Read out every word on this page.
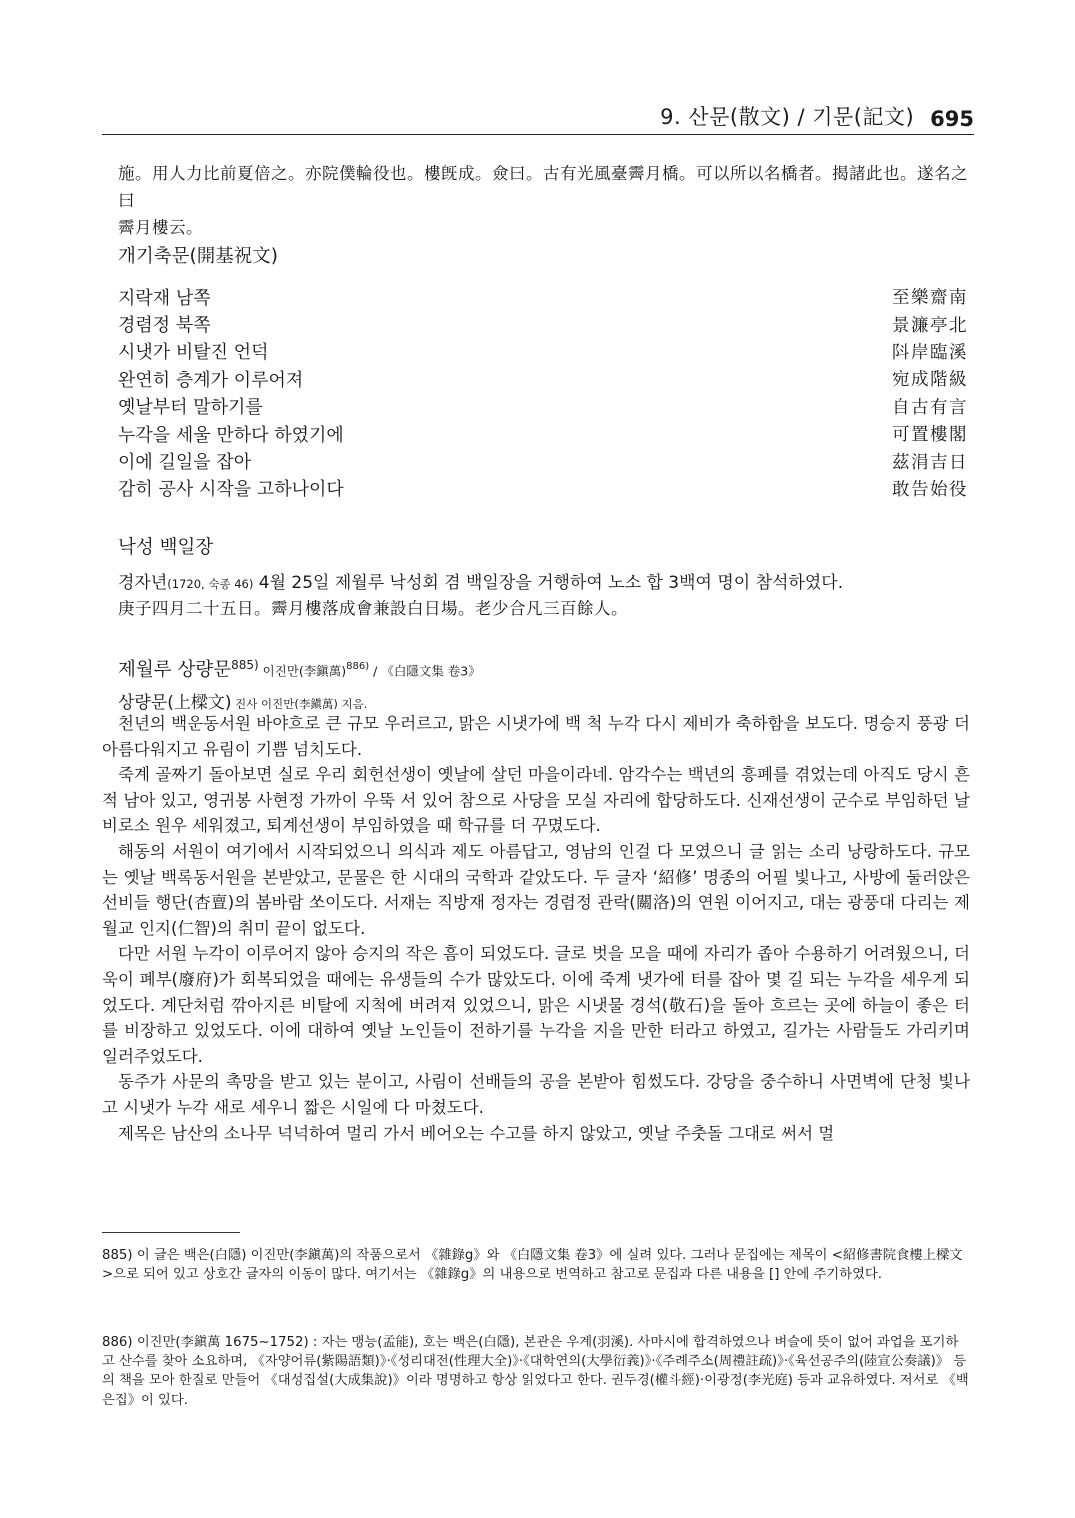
9. 산문(散文) / 기문(記文) 695
施。用人力比前夏倍之。亦院僕輪役也。樓旣成。僉曰。古有光風臺霽月橋。可以所以名橋者。揭諸此也。遂名之曰
霽月樓云。
개기축문(開基祝文)
지락재 남쪽	至樂齋南
경렴정 북쪽	景濂亭北
시냇가 비탈진 언덕	阧岸臨溪
완연히 층계가 이루어져	宛成階級
옛날부터 말하기를	自古有言
누각을 세울 만하다 하였기에	可置樓閣
이에 길일을 잡아	茲涓吉日
감히 공사 시작을 고하나이다	敢告始役
낙성 백일장
경자년(1720, 숙종 46) 4월 25일 제월루 낙성회 겸 백일장을 거행하여 노소 합 3백여 명이 참석하였다.
庚子四月二十五日。霽月樓落成會兼設白日場。老少合凡三百餘人。
제월루 상량문$^{885)}$ 이진만(李鎭萬)$^{886)}$ / 《白隱文集 卷3》
상량문(上樑文) 진사 이진만(李鎭萬) 지음.

천년의 백운동서원 바야흐로 큰 규모 우러르고, 맑은 시냇가에 백 척 누각 다시 제비가 축하함을 보도다. 명승지 풍광 더 아름다워지고 유림이 기쁨 넘치도다.

죽계 골짜기 돌아보면 실로 우리 회헌선생이 옛날에 살던 마을이라네. 암각수는 백년의 흥폐를 겪었는데 아직도 당시 흔적 남아 있고, 영귀봉 사현정 가까이 우뚝 서 있어 참으로 사당을 모실 자리에 합당하도다. 신재선생이 군수로 부임하던 날 비로소 원우 세워졌고, 퇴계선생이 부임하였을 때 학규를 더 꾸몄도다.

해동의 서원이 여기에서 시작되었으니 의식과 제도 아름답고, 영남의 인걸 다 모였으니 글 읽는 소리 낭랑하도다. 규모는 옛날 백록동서원을 본받았고, 문물은 한 시대의 국학과 같았도다. 두 글자 ‘紹修’ 명종의 어필 빛나고, 사방에 둘러앉은 선비들 행단(杏亶)의 봄바람 쏘이도다. 서재는 직방재 정자는 경렴정 관락(關洛)의 연원 이어지고, 대는 광풍대 다리는 제월교 인지(仁智)의 취미 끝이 없도다.

다만 서원 누각이 이루어지 않아 승지의 작은 흠이 되었도다. 글로 벗을 모을 때에 자리가 좁아 수용하기 어려웠으니, 더욱이 폐부(廢府)가 회복되었을 때에는 유생들의 수가 많았도다. 이에 죽계 냇가에 터를 잡아 몇 길 되는 누각을 세우게 되었도다. 계단처럼 깎아지른 비탈에 지척에 버려져 있었으니, 맑은 시냇물 경석(敬石)을 돌아 흐르는 곳에 하늘이 좋은 터를 비장하고 있었도다. 이에 대하여 옛날 노인들이 전하기를 누각을 지을 만한 터라고 하였고, 길가는 사람들도 가리키며 일러주었도다.

동주가 사문의 촉망을 받고 있는 분이고, 사림이 선배들의 공을 본받아 힘썼도다. 강당을 중수하니 사면벽에 단청 빛나고 시냇가 누각 새로 세우니 짧은 시일에 다 마쳤도다.

제목은 남산의 소나무 넉넉하여 멀리 가서 베어오는 수고를 하지 않았고, 옛날 주춧돌 그대로 써서 멀

885) 이 글은 백은(白隱) 이진만(李鎭萬)의 작품으로서 《雜錄g》와 《白隱文集 卷3》에 실려 있다. 그러나 문집에는 제목이 <紹修書院食樓上樑文>으로 되어 있고 상호간 글자의 이동이 많다. 여기서는 《雜錄g》의 내용으로 번역하고 참고로 문집과 다른 내용을 [] 안에 주기하였다.
886) 이진만(李鎭萬 1675~1752) : 자는 맹능(孟能), 호는 백은(白隱), 본관은 우계(羽溪). 사마시에 합격하였으나 벼슬에 뜻이 없어 과업을 포기하고 산수를 찾아 소요하며, 《자양어류(紫陽語類)》·《성리대전(性理大全)》·《대학연의(大學衍義)》·《주례주소(周禮註疏)》·《육선공주의(陸宣公奏議)》 등의 책을 모아 한질로 만들어 《대성집설(大成集說)》이라 명명하고 항상 읽었다고 한다. 권두경(權斗經)·이광정(李光庭) 등과 교유하였다. 저서로 《백은집》이 있다.
